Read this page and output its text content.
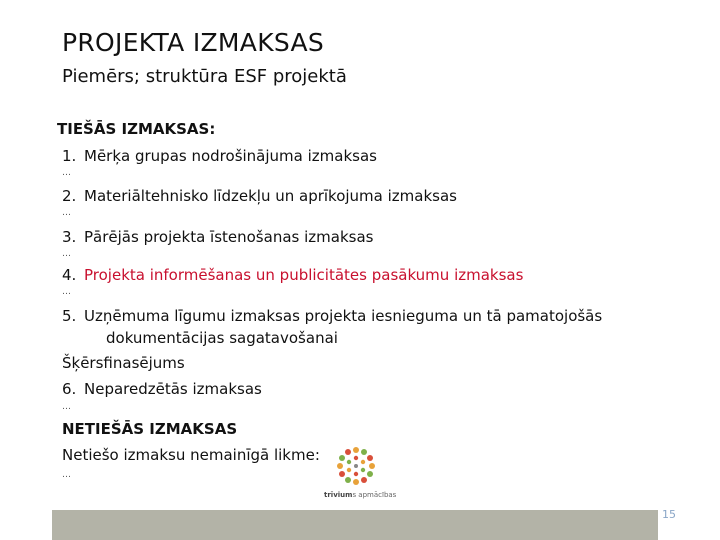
PROJEKTA IZMAKSAS
Piemērs; struktūra ESF projektā
TIEŠĀS IZMAKSAS:
1. Mērķa grupas nodrošinājuma izmaksas
…
2. Materiāltehnisko līdzekļu un aprīkojuma izmaksas
…
3. Pārējās projekta īstenošanas izmaksas
…
4. Projekta informēšanas un publicitātes pasākumu izmaksas
…
5. Uzņēmuma līgumu izmaksas projekta iesnieguma un tā pamatojošās
dokumentācijas sagatavošanai
Šķērsfinasējums
6. Neparedzētās izmaksas
…
NETIEŠĀS IZMAKSAS
Netiešo izmaksu nemainīgā likme:
…
trīviums apmācības
15
